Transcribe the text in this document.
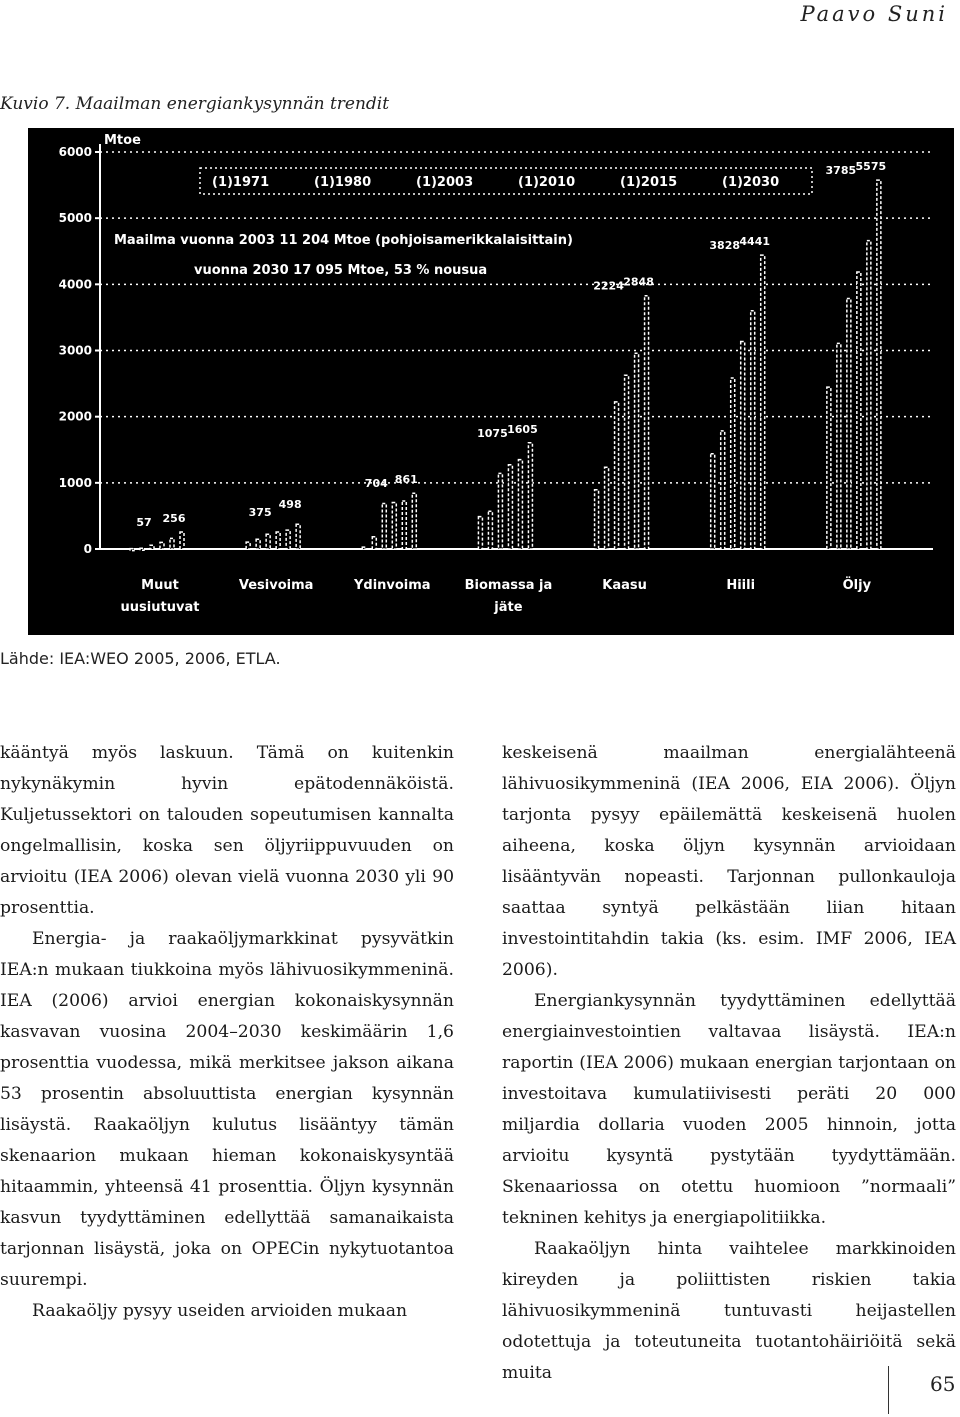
Paavo Suni
Kuvio 7. Maailman energiankysynnän trendit
Mtoe
6000
5000
4000
3000
2000
1000
0
(1)1971	(1)1980	(1)2003	(1)2010	(1)2015	(1)2030
Maailma vuonna 2003 11 204 Mtoe (pohjoisamerikkalaisittain)
vuonna 2030 17 095 Mtoe, 53 % nousua
Muut
uusiutuvat
Vesivoima	Ydinvoima	Biomassa ja
jäte
Kaasu	Hiili	Öljy
57 256	375
498
704 861
1075 1605
2224 2848
3828 4441
3785 5575
Lähde: IEA:WEO 2005, 2006, ETLA.

kääntyä myös laskuun. Tämä on kuitenkin nykynäkymin hyvin epätodennäköistä. Kuljetussektori on talouden sopeutumisen kannalta ongelmallisin, koska sen öljyriippuvuuden on arvioitu (IEA 2006) olevan vielä vuonna 2030 yli 90 prosenttia.

Energia- ja raakaöljymarkkinat pysyvätkin IEA:n mukaan tiukkoina myös lähivuosikymmeninä. IEA (2006) arvioi energian kokonaiskysynnän kasvavan vuosina 2004–2030 keskimäärin 1,6 prosenttia vuodessa, mikä merkitsee jakson aikana 53 prosentin absoluuttista energian kysynnän lisäystä. Raakaöljyn kulutus lisääntyy tämän skenaarion mukaan hieman kokonaiskysyntää hitaammin, yhteensä 41 prosenttia. Öljyn kysynnän kasvun tyydyttäminen edellyttää samanaikaista tarjonnan lisäystä, joka on OPECin nykytuotantoa suurempi.

Raakaöljy pysyy useiden arvioiden mukaan

keskeisenä maailman energialähteenä lähivuosikymmeninä (IEA 2006, EIA 2006). Öljyn tarjonta pysyy epäilemättä keskeisenä huolen aiheena, koska öljyn kysynnän arvioidaan lisääntyvän nopeasti. Tarjonnan pullonkauloja saattaa syntyä pelkästään liian hitaan investointitahdin takia (ks. esim. IMF 2006, IEA 2006).

Energiankysynnän tyydyttäminen edellyttää energiainvestointien valtavaa lisäystä. IEA:n raportin (IEA 2006) mukaan energian tarjontaan on investoitava kumulatiivisesti peräti 20 000 miljardia dollaria vuoden 2005 hinnoin, jotta arvioitu kysyntä pystytään tyydyttämään. Skenaariossa on otettu huomioon ”normaali” tekninen kehitys ja energiapolitiikka.

Raakaöljyn hinta vaihtelee markkinoiden kireyden ja poliittisten riskien takia lähivuosikymmeninä tuntuvasti heijastellen odotettuja ja toteutuneita tuotantohäiriöitä sekä muita	65
